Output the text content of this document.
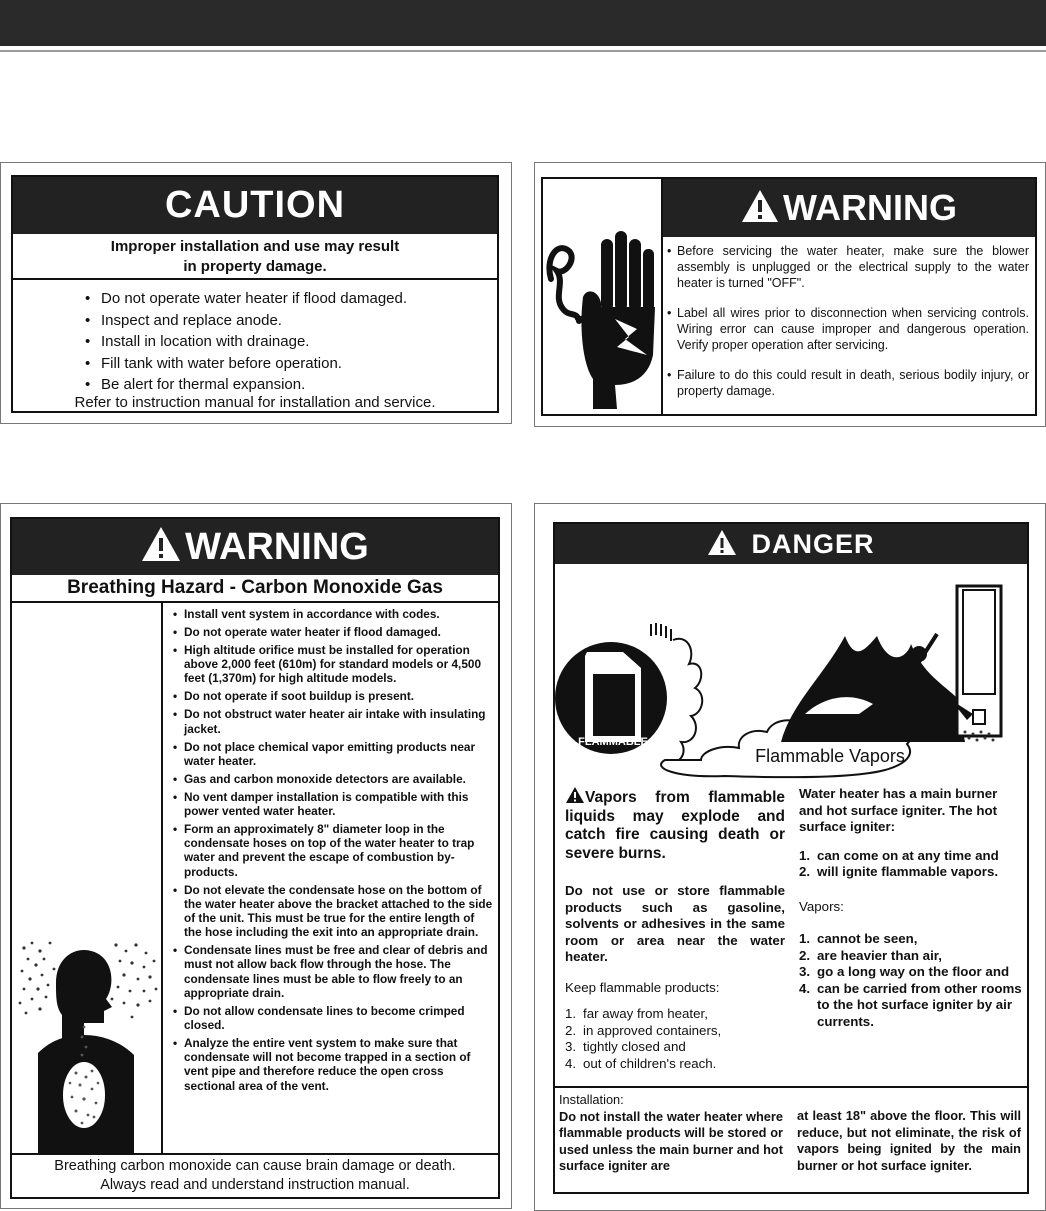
CAUTION
Improper installation and use may result
in property damage.
• Do not operate water heater if flood damaged.
• Inspect and replace anode.
• Install in location with drainage.
• Fill tank with water before operation.
• Be alert for thermal expansion.
Refer to instruction manual for installation and service.
WARNING
• Before servicing the water heater, make sure the blower assembly is unplugged or the electrical supply to the water heater is turned "OFF".
• Label all wires prior to disconnection when servicing controls. Wiring error can cause improper and dangerous operation. Verify proper operation after servicing.
• Failure to do this could result in death, serious bodily injury, or property damage.
WARNING
Breathing Hazard - Carbon Monoxide Gas
• Install vent system in accordance with codes.
• Do not operate water heater if flood damaged.
• High altitude orifice must be installed for operation above 2,000 feet (610m) for standard models or 4,500 feet (1,370m) for high altitude models.
• Do not operate if soot buildup is present.
• Do not obstruct water heater air intake with insulating jacket.
• Do not place chemical vapor emitting products near water heater.
• Gas and carbon monoxide detectors are available.
• No vent damper installation is compatible with this power vented water heater.
• Form an approximately 8" diameter loop in the condensate hoses on top of the water heater to trap water and prevent the escape of combustion by-products.
• Do not elevate the condensate hose on the bottom of the water heater above the bracket attached to the side of the unit. This must be true for the entire length of the hose including the exit into an appropriate drain.
• Condensate lines must be free and clear of debris and must not allow back flow through the hose. The condensate lines must be able to flow freely to an appropriate drain.
• Do not allow condensate lines to become crimped closed.
• Analyze the entire vent system to make sure that condensate will not become trapped in a section of vent pipe and therefore reduce the open cross sectional area of the vent.
Breathing carbon monoxide can cause brain damage or death.
Always read and understand instruction manual.
DANGER
FLAMMABLE
Flammable Vapors
Vapors from flammable liquids may explode and catch fire causing death or severe burns.
Do not use or store flammable products such as gasoline, solvents or adhesives in the same room or area near the water heater.
Keep flammable products:
1. far away from heater,
2. in approved containers,
3. tightly closed and
4. out of children's reach.
Water heater has a main burner and hot surface igniter. The hot surface igniter:
1. can come on at any time and
2. will ignite flammable vapors.
Vapors:
1. cannot be seen,
2. are heavier than air,
3. go a long way on the floor and
4. can be carried from other rooms to the hot surface igniter by air currents.
Installation:
Do not install the water heater where flammable products will be stored or used unless the main burner and hot surface igniter are
at least 18" above the floor. This will reduce, but not eliminate, the risk of vapors being ignited by the main burner or hot surface igniter.
